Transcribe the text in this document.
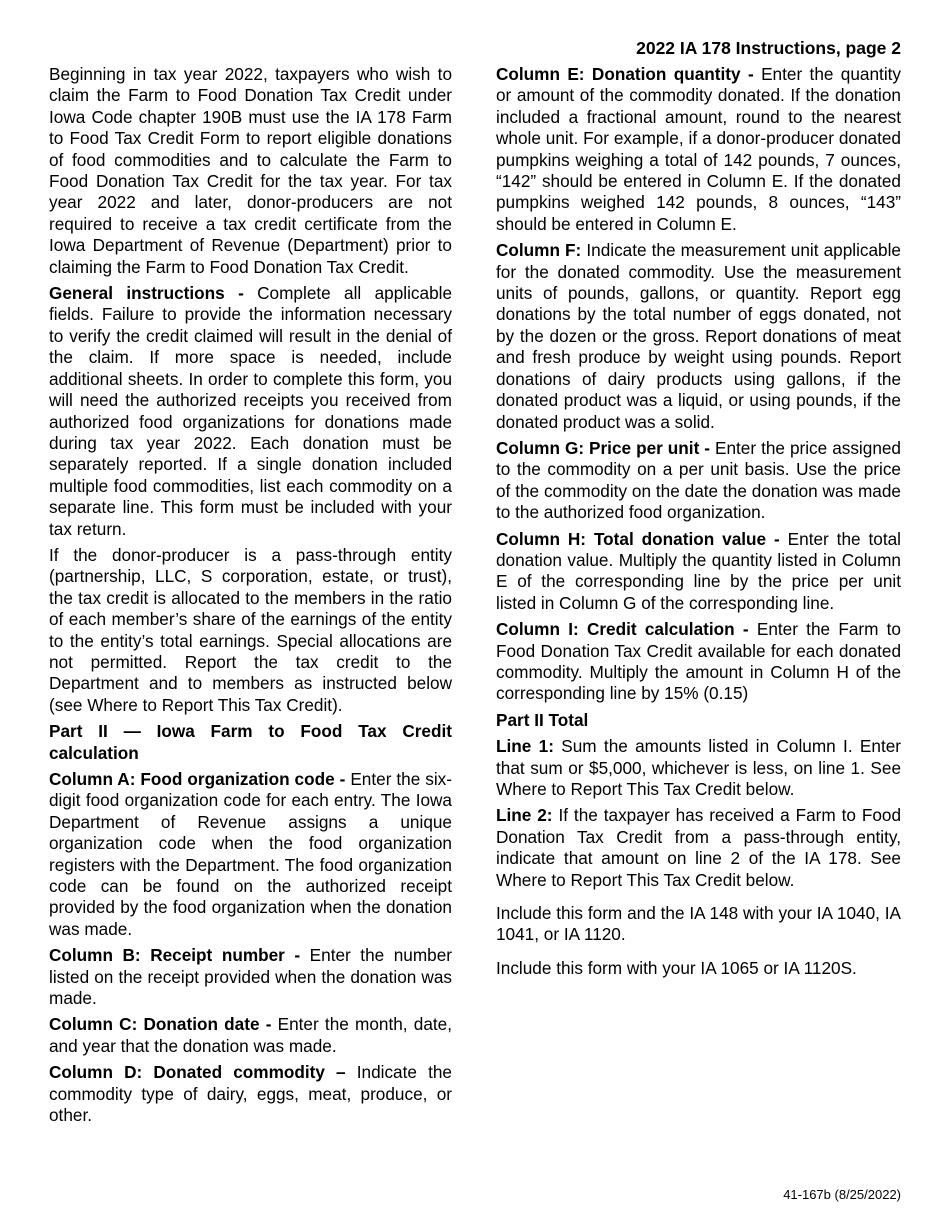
2022 IA 178 Instructions, page 2

Beginning in tax year 2022, taxpayers who wish to claim the Farm to Food Donation Tax Credit under Iowa Code chapter 190B must use the IA 178 Farm to Food Tax Credit Form to report eligible donations of food commodities and to calculate the Farm to Food Donation Tax Credit for the tax year. For tax year 2022 and later, donor-producers are not required to receive a tax credit certificate from the Iowa Department of Revenue (Department) prior to claiming the Farm to Food Donation Tax Credit.

General instructions - Complete all applicable fields. Failure to provide the information necessary to verify the credit claimed will result in the denial of the claim. If more space is needed, include additional sheets. In order to complete this form, you will need the authorized receipts you received from authorized food organizations for donations made during tax year 2022. Each donation must be separately reported. If a single donation included multiple food commodities, list each commodity on a separate line. This form must be included with your tax return.

If the donor-producer is a pass-through entity (partnership, LLC, S corporation, estate, or trust), the tax credit is allocated to the members in the ratio of each member’s share of the earnings of the entity to the entity’s total earnings. Special allocations are not permitted. Report the tax credit to the Department and to members as instructed below (see Where to Report This Tax Credit).

Part II — Iowa Farm to Food Tax Credit calculation

Column A: Food organization code - Enter the six-digit food organization code for each entry. The Iowa Department of Revenue assigns a unique organization code when the food organization registers with the Department. The food organization code can be found on the authorized receipt provided by the food organization when the donation was made.

Column B: Receipt number - Enter the number listed on the receipt provided when the donation was made.

Column C: Donation date - Enter the month, date, and year that the donation was made.

Column D: Donated commodity – Indicate the commodity type of dairy, eggs, meat, produce, or other.

Column E: Donation quantity - Enter the quantity or amount of the commodity donated. If the donation included a fractional amount, round to the nearest whole unit. For example, if a donor-producer donated pumpkins weighing a total of 142 pounds, 7 ounces, “142” should be entered in Column E. If the donated pumpkins weighed 142 pounds, 8 ounces, “143” should be entered in Column E.

Column F: Indicate the measurement unit applicable for the donated commodity. Use the measurement units of pounds, gallons, or quantity. Report egg donations by the total number of eggs donated, not by the dozen or the gross. Report donations of meat and fresh produce by weight using pounds. Report donations of dairy products using gallons, if the donated product was a liquid, or using pounds, if the donated product was a solid.

Column G: Price per unit - Enter the price assigned to the commodity on a per unit basis. Use the price of the commodity on the date the donation was made to the authorized food organization.

Column H: Total donation value - Enter the total donation value. Multiply the quantity listed in Column E of the corresponding line by the price per unit listed in Column G of the corresponding line.

Column I: Credit calculation - Enter the Farm to Food Donation Tax Credit available for each donated commodity. Multiply the amount in Column H of the corresponding line by 15% (0.15)

Part II Total

Line 1: Sum the amounts listed in Column I. Enter that sum or $5,000, whichever is less, on line 1. See Where to Report This Tax Credit below.

Line 2: If the taxpayer has received a Farm to Food Donation Tax Credit from a pass-through entity, indicate that amount on line 2 of the IA 178. See Where to Report This Tax Credit below.

Include this form and the IA 148 with your IA 1040, IA 1041, or IA 1120.

Include this form with your IA 1065 or IA 1120S.

41-167b (8/25/2022)
